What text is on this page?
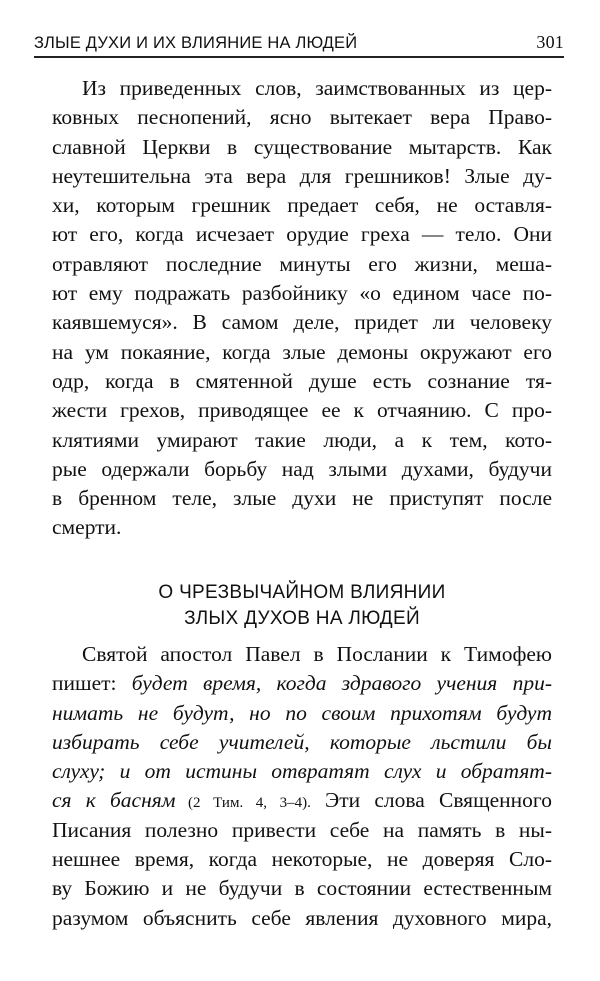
ЗЛЫЕ ДУХИ И ИХ ВЛИЯНИЕ НА ЛЮДЕЙ	301
Из приведенных слов, заимствованных из цер-
ковных песнопений, ясно вытекает вера Право-
славной Церкви в существование мытарств. Как
неутешительна эта вера для грешников! Злые ду-
хи, которым грешник предает себя, не оставля-
ют его, когда исчезает орудие греха — тело. Они
отравляют последние минуты его жизни, меша-
ют ему подражать разбойнику «о едином часе по-
каявшемуся». В самом деле, придет ли человеку
на ум покаяние, когда злые демоны окружают его
одр, когда в смятенной душе есть сознание тя-
жести грехов, приводящее ее к отчаянию. С про-
клятиями умирают такие люди, а к тем, кото-
рые одержали борьбу над злыми духами, будучи
в бренном теле, злые духи не приступят после
смерти.
О ЧРЕЗВЫЧАЙНОМ ВЛИЯНИИ
ЗЛЫХ ДУХОВ НА ЛЮДЕЙ
Святой апостол Павел в Послании к Тимофею
пишет: будет время, когда здравого учения при-
нимать не будут, но по своим прихотям будут
избирать себе учителей, которые льстили бы
слуху; и от истины отвратят слух и обратят-
ся к басням (2 Тим. 4, 3–4). Эти слова Священного
Писания полезно привести себе на память в ны-
нешнее время, когда некоторые, не доверяя Сло-
ву Божию и не будучи в состоянии естественным
разумом объяснить себе явления духовного мира,
